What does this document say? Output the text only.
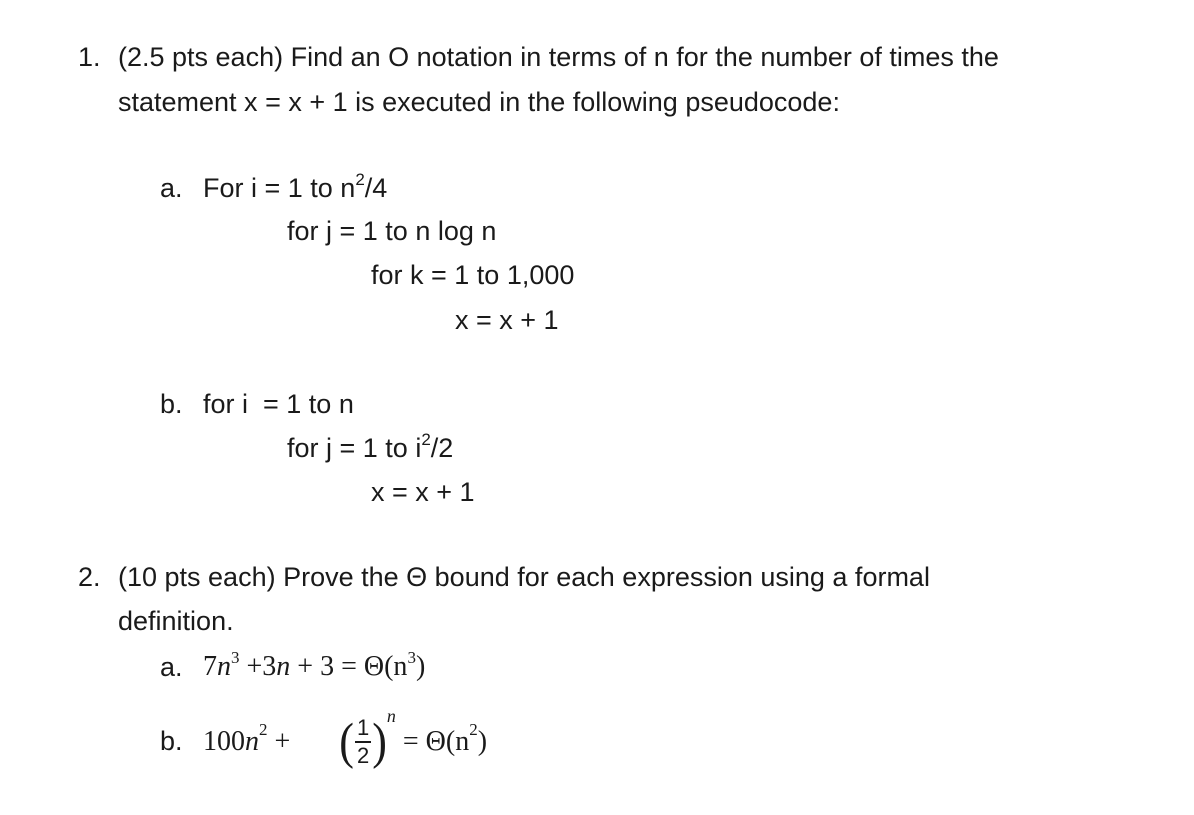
1. (2.5 pts each) Find an O notation in terms of n for the number of times the
statement x = x + 1 is executed in the following pseudocode:
a. For i = 1 to $n^2/4$
for j = 1 to n log n
for k = 1 to 1,000
x = x + 1
b. for i  = 1 to n
for j = 1 to $i^2/2$
x = x + 1
2. (10 pts each) Prove the Θ bound for each expression using a formal
definition.
a. $7n^3 +3n + 3 = \Theta(n^3)$
b. 100 $n^2$ + ( $\frac{1}{2} )^n$

= $\Theta(n^2$ )
